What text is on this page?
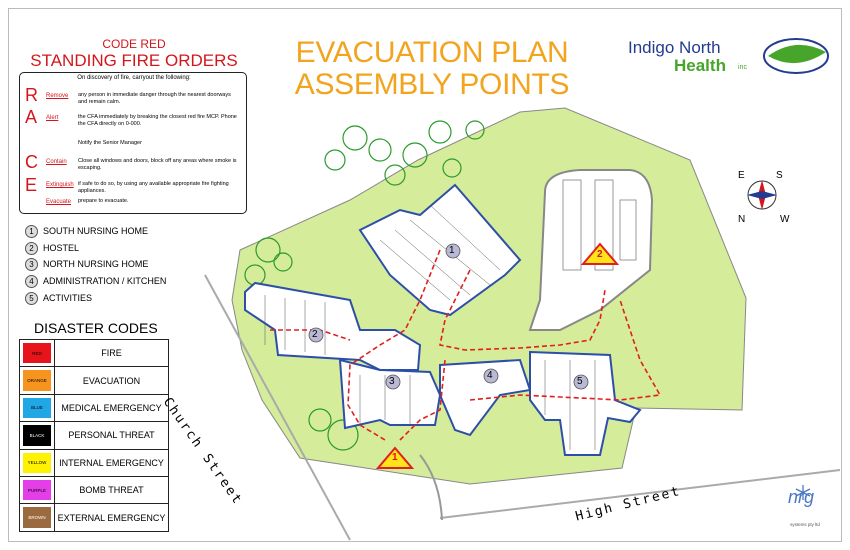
1
2
3
4
5
1
2
EVACUATION PLAN
ASSEMBLY POINTS
Indigo North
Health inc
CODE RED
STANDING FIRE ORDERS
On discovery of fire, carryout the following:
R Remove any person in immediate danger through the nearest doorways and remain calm.
A Alert	the CFA immediately by breaking the closest red fire MCP. Phone the CFA directly on 0-000.
Notify the Senior Manager
C Contain Close all windows and doors, block off any areas where smoke is escaping.
E Extinguish if safe to do so, by using any available appropriate fire fighting appliances.
Evacuate prepare to evacuate.
1	SOUTH NURSING HOME
2	HOSTEL
3	NORTH NURSING HOME
4	ADMINISTRATION / KITCHEN
5	ACTIVITIES
DISASTER CODES
RED	FIRE
ORANGE	EVACUATION
BLUE	MEDICAL EMERGENCY
BLACK	PERSONAL THREAT
YELLOW	INTERNAL EMERGENCY
PURPLE	BOMB THREAT
BROWN	EXTERNAL EMERGENCY
Church Street	High Street
E	S
N	W
nrg
systems pty ltd
